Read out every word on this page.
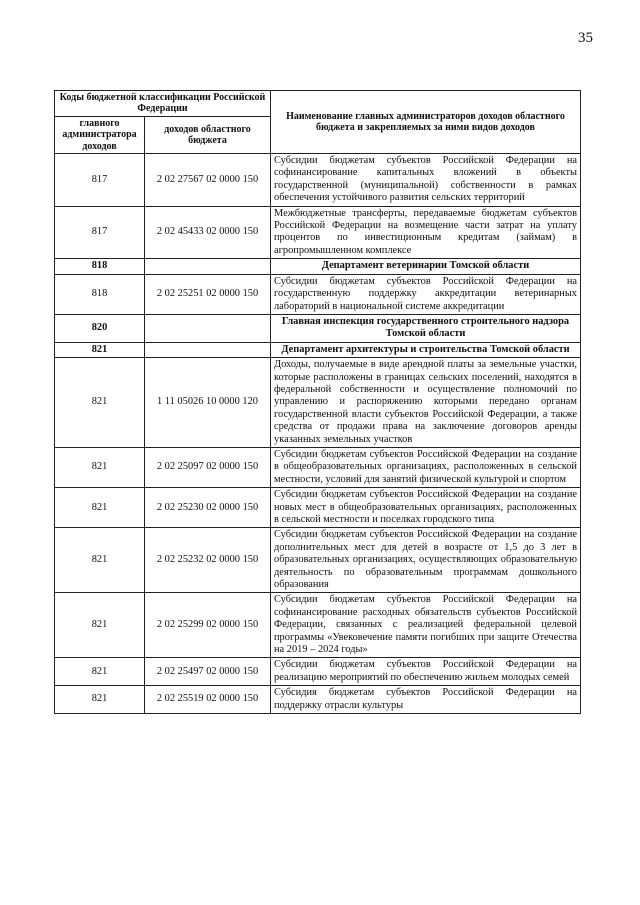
35
Коды бюджетной классификации Российской Федерации		Наименование главных администраторов доходов областного бюджета и закрепляемых за ними видов доходов
главного администратора доходов	доходов областного бюджета	
817	2 02 27567 02 0000 150	Субсидии бюджетам субъектов Российской Федерации на софинансирование капитальных вложений в объекты государственной (муниципальной) собственности в рамках обеспечения устойчивого развития сельских территорий
817	2 02 45433 02 0000 150	Межбюджетные трансферты, передаваемые бюджетам субъектов Российской Федерации на возмещение части затрат на уплату процентов по инвестиционным кредитам (займам) в агропромышленном комплексе
818		Департамент ветеринарии Томской области
818	2 02 25251 02 0000 150	Субсидии бюджетам субъектов Российской Федерации на государственную поддержку аккредитации ветеринарных лабораторий в национальной системе аккредитации
820		Главная инспекция государственного строительного надзора Томской области
821		Департамент архитектуры и строительства Томской области
821	1 11 05026 10 0000 120	Доходы, получаемые в виде арендной платы за земельные участки, которые расположены в границах сельских поселений, находятся в федеральной собственности и осуществление полномочий по управлению и распоряжению которыми передано органам государственной власти субъектов Российской Федерации, а также средства от продажи права на заключение договоров аренды указанных земельных участков
821	2 02 25097 02 0000 150	Субсидии бюджетам субъектов Российской Федерации на создание в общеобразовательных организациях, расположенных в сельской местности, условий для занятий физической культурой и спортом
821	2 02 25230 02 0000 150	Субсидии бюджетам субъектов Российской Федерации на создание новых мест в общеобразовательных организациях, расположенных в сельской местности и поселках городского типа
821	2 02 25232 02 0000 150	Субсидии бюджетам субъектов Российской Федерации на создание дополнительных мест для детей в возрасте от 1,5 до 3 лет в образовательных организациях, осуществляющих образовательную деятельность по образовательным программам дошкольного образования
821	2 02 25299 02 0000 150	Субсидии бюджетам субъектов Российской Федерации на софинансирование расходных обязательств субъектов Российской Федерации, связанных с реализацией федеральной целевой программы «Увековечение памяти погибших при защите Отечества на 2019 – 2024 годы»
821	2 02 25497 02 0000 150	Субсидии бюджетам субъектов Российской Федерации на реализацию мероприятий по обеспечению жильем молодых семей
821	2 02 25519 02 0000 150	Субсидия бюджетам субъектов Российской Федерации на поддержку отрасли культуры
